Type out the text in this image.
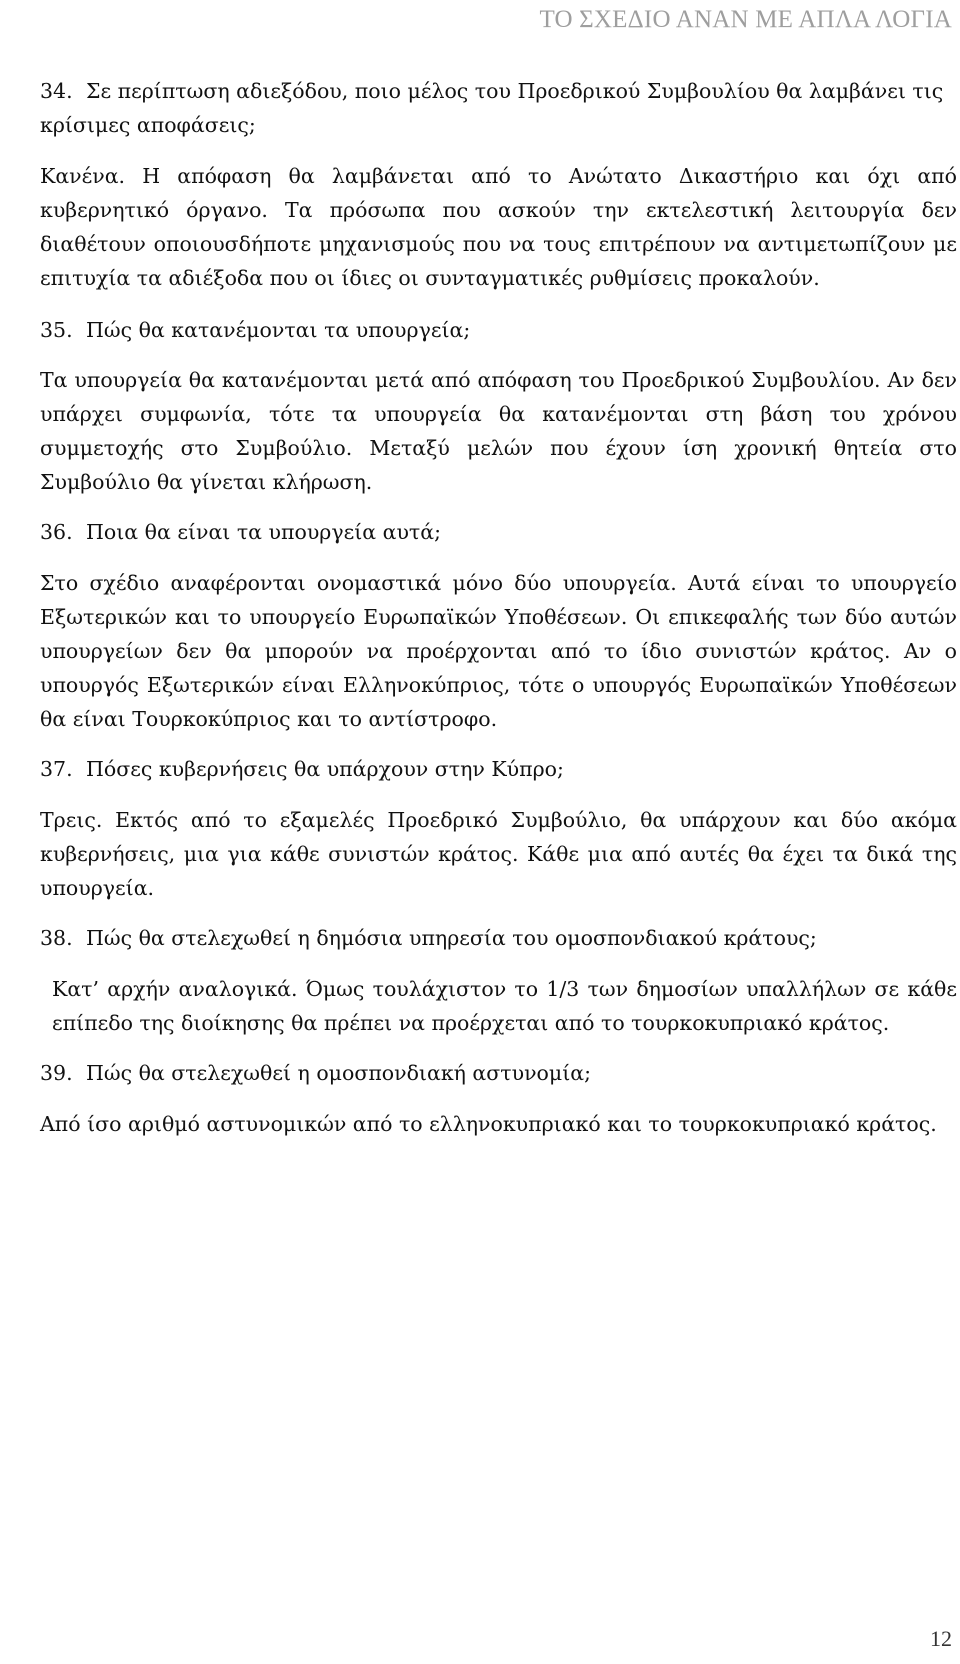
ΤΟ ΣΧΕΔΙΟ ΑΝΑΝ ΜΕ ΑΠΛΑ ΛΟΓΙΑ

34. Σε περίπτωση αδιεξόδου, ποιο μέλος του Προεδρικού Συμβουλίου θα λαμβάνει τις κρίσιμες αποφάσεις;

Κανένα. Η απόφαση θα λαμβάνεται από το Ανώτατο Δικαστήριο και όχι από κυβερνητικό όργανο. Τα πρόσωπα που ασκούν την εκτελεστική λειτουργία δεν διαθέτουν οποιουσδήποτε μηχανισμούς που να τους επιτρέπουν να αντιμετωπίζουν με επιτυχία τα αδιέξοδα που οι ίδιες οι συνταγματικές ρυθμίσεις προκαλούν.

35. Πώς θα κατανέμονται τα υπουργεία;

Τα υπουργεία θα κατανέμονται μετά από απόφαση του Προεδρικού Συμβουλίου. Αν δεν υπάρχει συμφωνία, τότε τα υπουργεία θα κατανέμονται στη βάση του χρόνου συμμετοχής στο Συμβούλιο. Μεταξύ μελών που έχουν ίση χρονική θητεία στο Συμβούλιο θα γίνεται κλήρωση.

36. Ποια θα είναι τα υπουργεία αυτά;

Στο σχέδιο αναφέρονται ονομαστικά μόνο δύο υπουργεία. Αυτά είναι το υπουργείο Εξωτερικών και το υπουργείο Ευρωπαϊκών Υποθέσεων. Οι επικεφαλής των δύο αυτών υπουργείων δεν θα μπορούν να προέρχονται από το ίδιο συνιστών κράτος. Αν ο υπουργός Εξωτερικών είναι Ελληνοκύπριος, τότε ο υπουργός Ευρωπαϊκών Υποθέσεων θα είναι Τουρκοκύπριος και το αντίστροφο.

37. Πόσες κυβερνήσεις θα υπάρχουν στην Κύπρο;

Τρεις. Εκτός από το εξαμελές Προεδρικό Συμβούλιο, θα υπάρχουν και δύο ακόμα κυβερνήσεις, μια για κάθε συνιστών κράτος. Κάθε μια από αυτές θα έχει τα δικά της υπουργεία.

38. Πώς θα στελεχωθεί η δημόσια υπηρεσία του ομοσπονδιακού κράτους;

Κατ’ αρχήν αναλογικά. Όμως τουλάχιστον το 1/3 των δημοσίων υπαλλήλων σε κάθε επίπεδο της διοίκησης θα πρέπει να προέρχεται από το τουρκοκυπριακό κράτος.

39. Πώς θα στελεχωθεί η ομοσπονδιακή αστυνομία;

Από ίσο αριθμό αστυνομικών από το ελληνοκυπριακό και το τουρκοκυπριακό κράτος.

12
